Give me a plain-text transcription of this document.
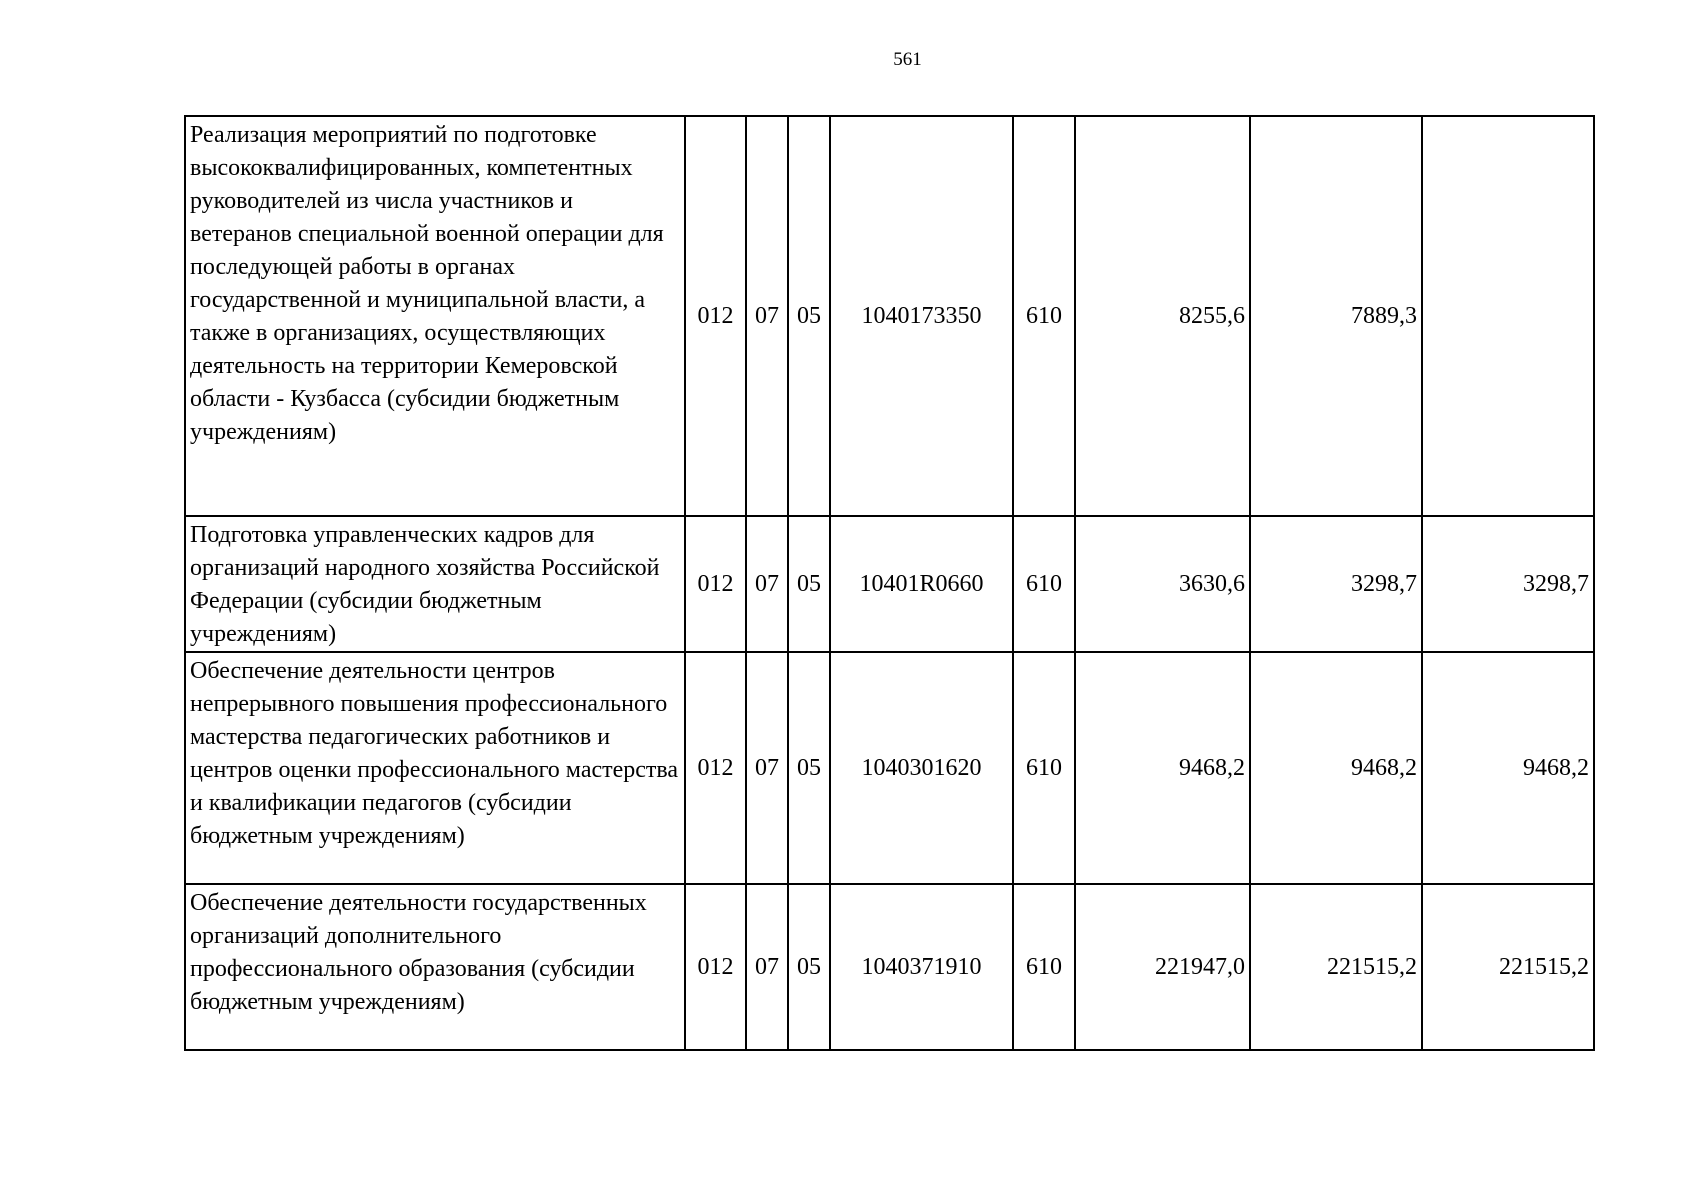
561
Реализация мероприятий по подготовке высококвалифицированных, компетентных руководителей из числа участников и ветеранов специальной военной операции для последующей работы в органах государственной и муниципальной власти, а также в организациях, осуществляющих деятельность на территории Кемеровской области - Кузбасса (субсидии бюджетным учреждениям)	012	07	05	1040173350	610	8255,6	7889,3	
Подготовка управленческих кадров для организаций народного хозяйства Российской Федерации (субсидии бюджетным учреждениям)	012	07	05	10401R0660	610	3630,6	3298,7	3298,7
Обеспечение деятельности центров непрерывного повышения профессионального мастерства педагогических работников и центров оценки профессионального мастерства и квалификации педагогов (субсидии бюджетным учреждениям)	012	07	05	1040301620	610	9468,2	9468,2	9468,2
Обеспечение деятельности государственных организаций дополнительного профессионального образования (субсидии бюджетным учреждениям)	012	07	05	1040371910	610	221947,0	221515,2	221515,2
